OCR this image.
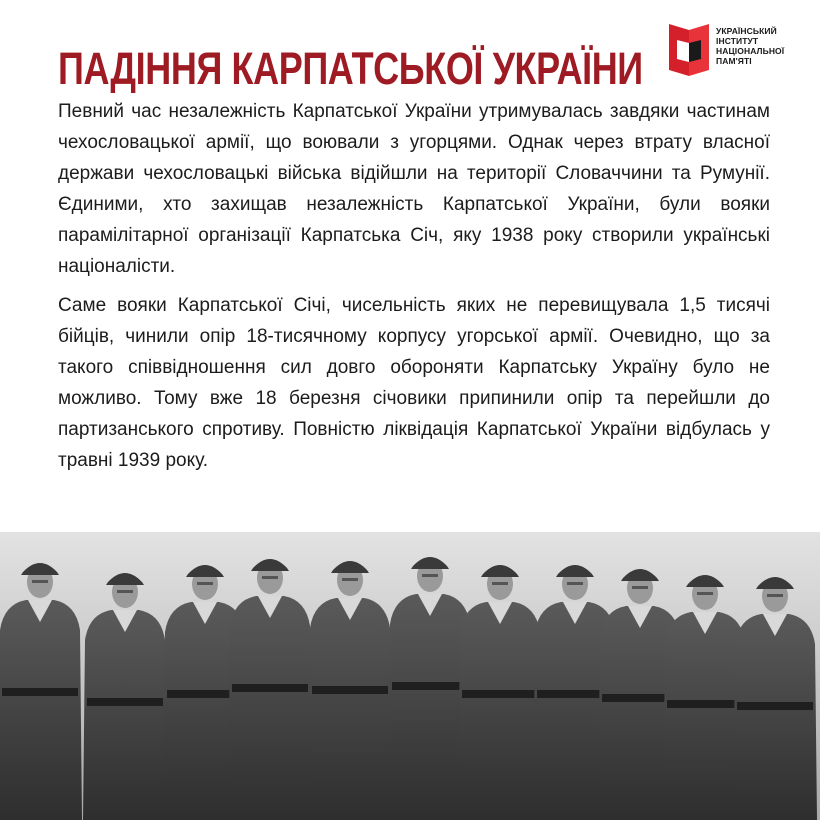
ПАДІННЯ КАРПАТСЬКОЇ УКРАЇНИ
УКРАЇНСЬКИЙ
ІНСТИТУТ
НАЦІОНАЛЬНОЇ
ПАМ'ЯТІ

Певний час незалежність Карпатської України утримувалась завдяки частинам чехословацької армії, що воювали з угорцями. Однак через втрату власної держави чехословацькі війська відійшли на території Словаччини та Румунії. Єдиними, хто захищав незалежність Карпатської України, були вояки парамілітарної організації Карпатська Січ, яку 1938 року створили українські націоналісти.

Саме вояки Карпатської Січі, чисельність яких не перевищувала 1,5 тисячі бійців, чинили опір 18-тисячному корпусу угорської армії. Очевидно, що за такого співвідношення сил довго обороняти Карпатську Україну було не можливо. Тому вже 18 березня січовики припинили опір та перейшли до партизанського спротиву. Повністю ліквідація Карпатської України відбулась у травні 1939 року.
